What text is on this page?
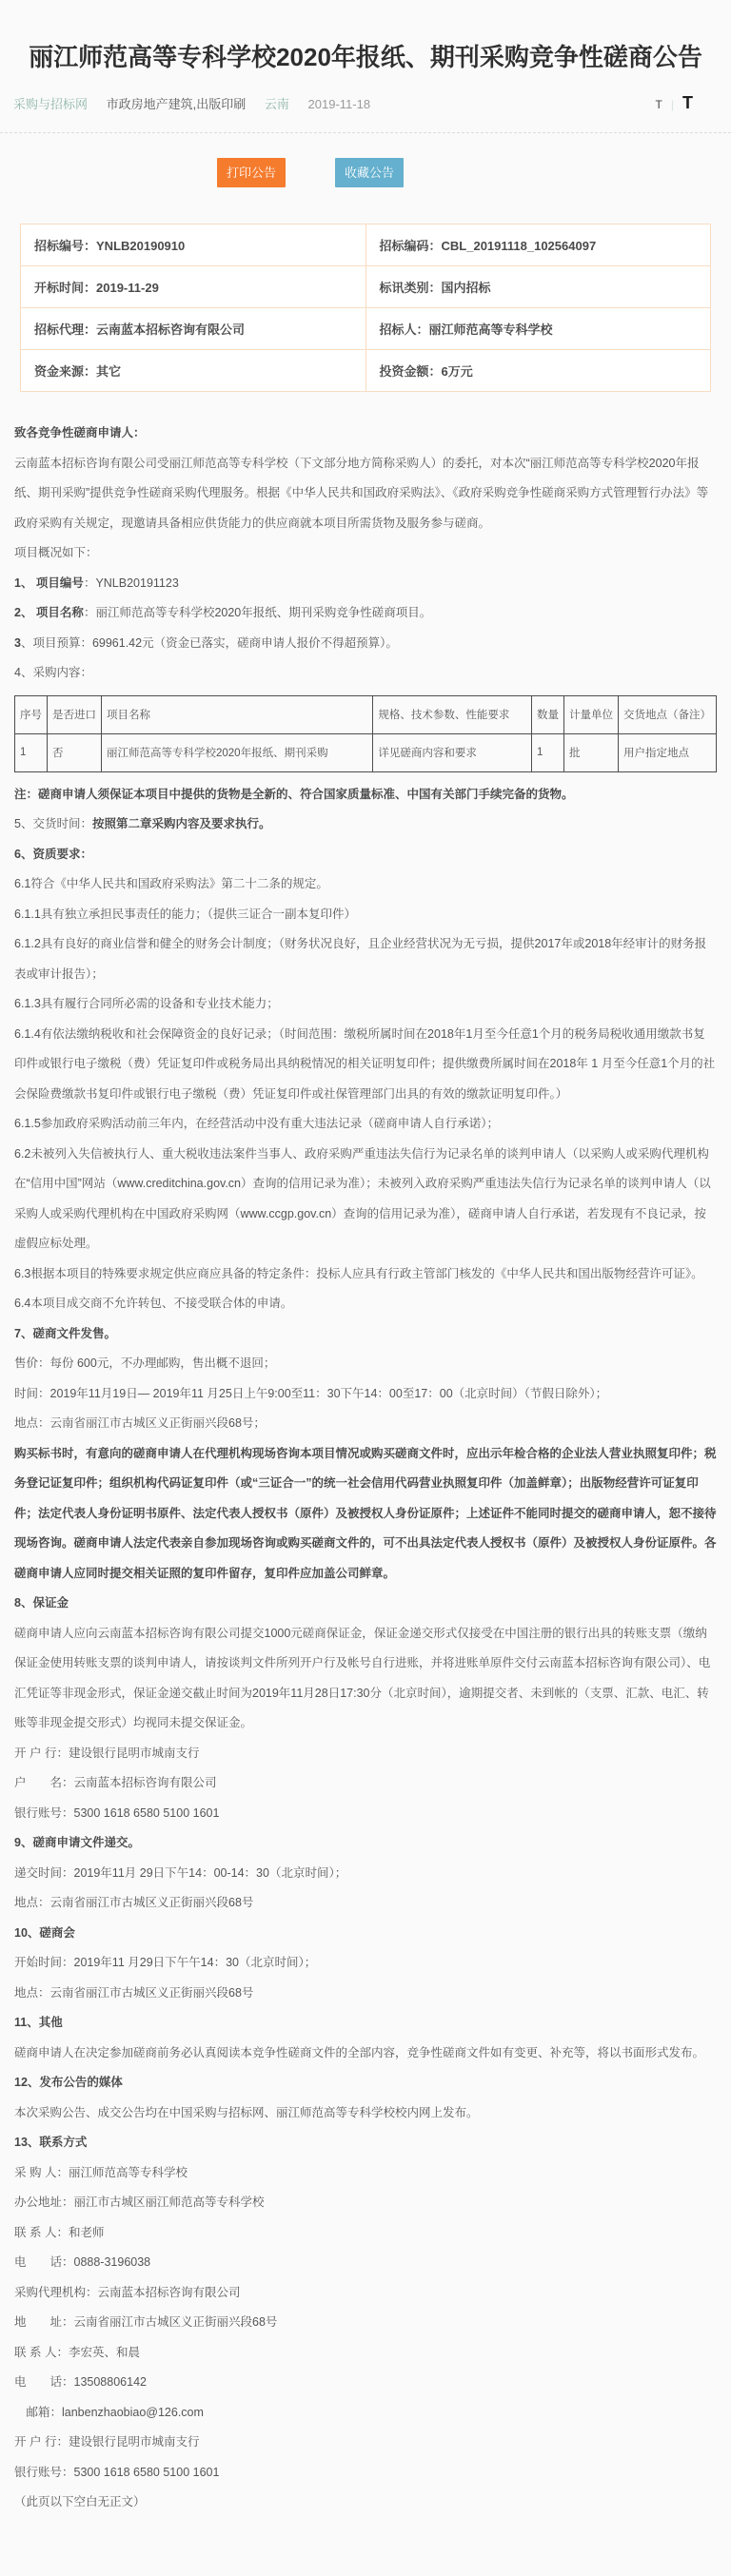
丽江师范高等专科学校2020年报纸、期刊采购竞争性磋商公告
采购与招标网 市政房地产建筑,出版印刷 云南 2019-11-18	T | T
打印公告	收藏公告
招标编号：YNLB20190910	招标编码：CBL_20191118_102564097
开标时间：2019-11-29	标讯类别：国内招标
招标代理：云南蓝本招标咨询有限公司	招标人：丽江师范高等专科学校
资金来源：其它	投资金额：6万元

致各竞争性磋商申请人：

云南蓝本招标咨询有限公司受丽江师范高等专科学校（下文部分地方简称采购人）的委托，对本次“丽江师范高等专科学校2020年报纸、期刊采购”提供竞争性磋商采购代理服务。根据《中华人民共和国政府采购法》、《政府采购竞争性磋商采购方式管理暂行办法》等政府采购有关规定，现邀请具备相应供货能力的供应商就本项目所需货物及服务参与磋商。

项目概况如下：

1、 项目编号：YNLB20191123

2、 项目名称：丽江师范高等专科学校2020年报纸、期刊采购竞争性磋商项目。

3、项目预算：69961.42元（资金已落实，磋商申请人报价不得超预算）。

4、采购内容：

序号	是否进口	项目名称	规格、技术参数、性能要求	数量	计量单位	交货地点（备注）
1	否	丽江师范高等专科学校2020年报纸、期刊采购	详见磋商内容和要求	1	批	用户指定地点

注：磋商申请人须保证本项目中提供的货物是全新的、符合国家质量标准、中国有关部门手续完备的货物。

5、交货时间：按照第二章采购内容及要求执行。

6、资质要求：

6.1符合《中华人民共和国政府采购法》第二十二条的规定。

6.1.1具有独立承担民事责任的能力；（提供三证合一副本复印件）

6.1.2具有良好的商业信誉和健全的财务会计制度；（财务状况良好，且企业经营状况为无亏损，提供2017年或2018年经审计的财务报表或审计报告）；

6.1.3具有履行合同所必需的设备和专业技术能力；

6.1.4有依法缴纳税收和社会保障资金的良好记录；（时间范围：缴税所属时间在2018年1月至今任意1个月的税务局税收通用缴款书复印件或银行电子缴税（费）凭证复印件或税务局出具纳税情况的相关证明复印件；提供缴费所属时间在2018年 1 月至今任意1个月的社会保险费缴款书复印件或银行电子缴税（费）凭证复印件或社保管理部门出具的有效的缴款证明复印件。）

6.1.5参加政府采购活动前三年内，在经营活动中没有重大违法记录（磋商申请人自行承诺）；

6.2未被列入失信被执行人、重大税收违法案件当事人、政府采购严重违法失信行为记录名单的谈判申请人（以采购人或采购代理机构在“信用中国”网站（www.creditchina.gov.cn）查询的信用记录为准）；未被列入政府采购严重违法失信行为记录名单的谈判申请人（以采购人或采购代理机构在中国政府采购网（www.ccgp.gov.cn）查询的信用记录为准），磋商申请人自行承诺，若发现有不良记录，按虚假应标处理。

6.3根据本项目的特殊要求规定供应商应具备的特定条件：投标人应具有行政主管部门核发的《中华人民共和国出版物经营许可证》。

6.4本项目成交商不允许转包、不接受联合体的申请。

7、磋商文件发售。

售价：每份 600元，不办理邮购，售出概不退回；

时间：2019年11月19日— 2019年11 月25日上午9:00至11：30下午14：00至17：00（北京时间）（节假日除外）；

地点：云南省丽江市古城区义正街丽兴段68号；

购买标书时，有意向的磋商申请人在代理机构现场咨询本项目情况或购买磋商文件时，应出示年检合格的企业法人营业执照复印件；税务登记证复印件；组织机构代码证复印件（或“三证合一”的统一社会信用代码营业执照复印件（加盖鲜章）；出版物经营许可证复印件；法定代表人身份证明书原件、法定代表人授权书（原件）及被授权人身份证原件；上述证件不能同时提交的磋商申请人，恕不接待现场咨询。磋商申请人法定代表亲自参加现场咨询或购买磋商文件的，可不出具法定代表人授权书（原件）及被授权人身份证原件。各磋商申请人应同时提交相关证照的复印件留存，复印件应加盖公司鲜章。

8、保证金

磋商申请人应向云南蓝本招标咨询有限公司提交1000元磋商保证金，保证金递交形式仅接受在中国注册的银行出具的转账支票（缴纳保证金使用转账支票的谈判申请人，请按谈判文件所列开户行及帐号自行进账，并将进账单原件交付云南蓝本招标咨询有限公司）、电汇凭证等非现金形式，保证金递交截止时间为2019年11月28日17:30分（北京时间），逾期提交者、未到帐的（支票、汇款、电汇、转账等非现金提交形式）均视同未提交保证金。

开 户 行：建设银行昆明市城南支行

户　　名：云南蓝本招标咨询有限公司

银行账号：5300 1618 6580 5100 1601

9、磋商申请文件递交。

递交时间：2019年11月 29日下午14：00-14：30（北京时间）；

地点：云南省丽江市古城区义正街丽兴段68号

10、磋商会

开始时间：2019年11 月29日下午午14：30（北京时间）；

地点：云南省丽江市古城区义正街丽兴段68号

11、其他

磋商申请人在决定参加磋商前务必认真阅读本竞争性磋商文件的全部内容，竞争性磋商文件如有变更、补充等，将以书面形式发布。

12、发布公告的媒体

本次采购公告、成交公告均在中国采购与招标网、丽江师范高等专科学校校内网上发布。

13、联系方式

采 购 人：丽江师范高等专科学校

办公地址：丽江市古城区丽江师范高等专科学校

联 系 人：和老师

电　　话：0888-3196038

采购代理机构：云南蓝本招标咨询有限公司

地　　址：云南省丽江市古城区义正街丽兴段68号

联 系 人：李宏英、和晨

电　　话：13508806142

　邮箱：lanbenzhaobiao@126.com

开 户 行：建设银行昆明市城南支行

银行账号：5300 1618 6580 5100 1601

（此页以下空白无正文）
